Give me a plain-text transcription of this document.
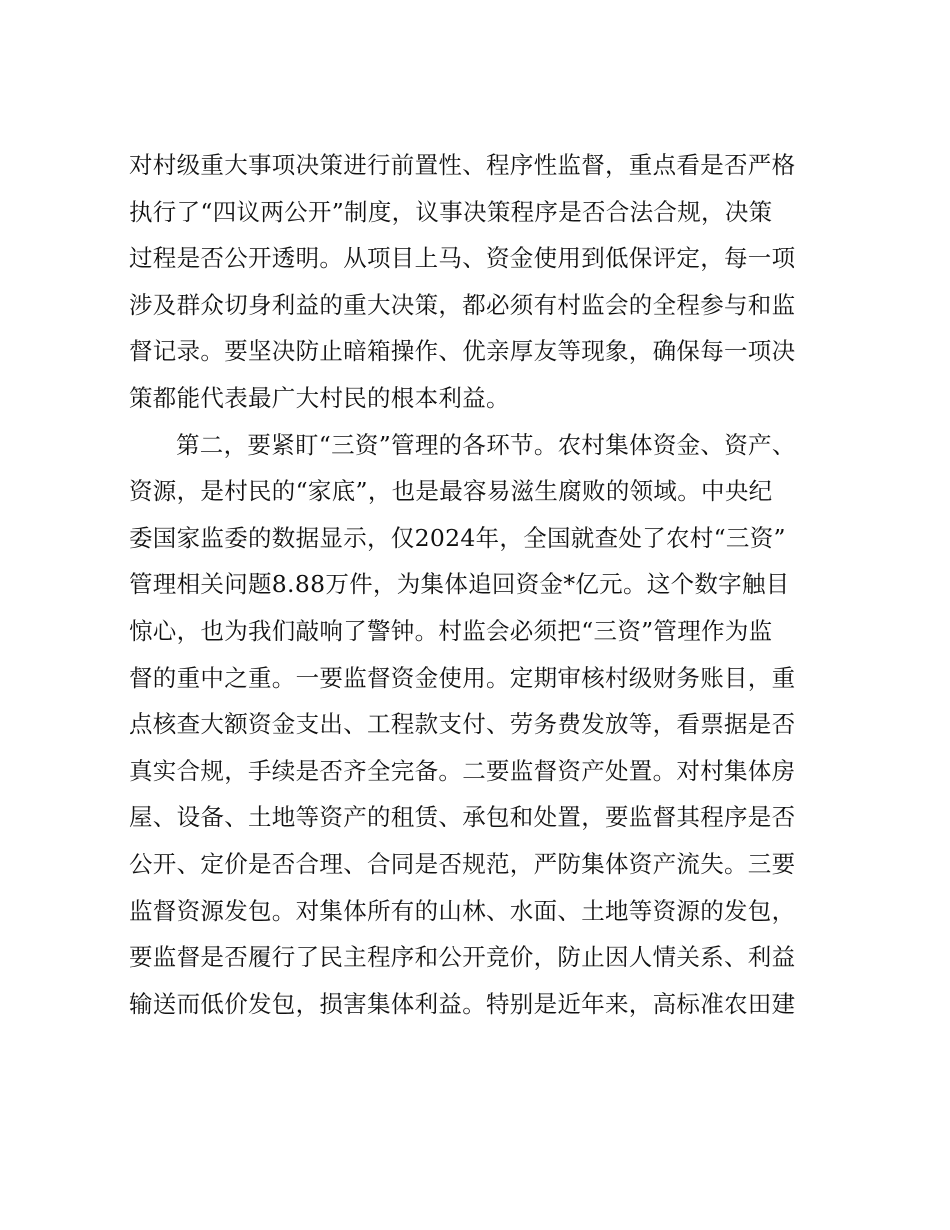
对村级重大事项决策进行前置性、程序性监督，重点看是否严格
执行了“四议两公开”制度，议事决策程序是否合法合规，决策
过程是否公开透明。从项目上马、资金使用到低保评定，每一项
涉及群众切身利益的重大决策，都必须有村监会的全程参与和监
督记录。要坚决防止暗箱操作、优亲厚友等现象，确保每一项决
策都能代表最广大村民的根本利益。
第二，要紧盯“三资”管理的各环节。农村集体资金、资产、
资源，是村民的“家底”，也是最容易滋生腐败的领域。中央纪
委国家监委的数据显示，仅2024年，全国就查处了农村“三资”
管理相关问题8.88万件，为集体追回资金*亿元。这个数字触目
惊心，也为我们敲响了警钟。村监会必须把“三资”管理作为监
督的重中之重。一要监督资金使用。定期审核村级财务账目，重
点核查大额资金支出、工程款支付、劳务费发放等，看票据是否
真实合规，手续是否齐全完备。二要监督资产处置。对村集体房
屋、设备、土地等资产的租赁、承包和处置，要监督其程序是否
公开、定价是否合理、合同是否规范，严防集体资产流失。三要
监督资源发包。对集体所有的山林、水面、土地等资源的发包，
要监督是否履行了民主程序和公开竞价，防止因人情关系、利益
输送而低价发包，损害集体利益。特别是近年来，高标准农田建
